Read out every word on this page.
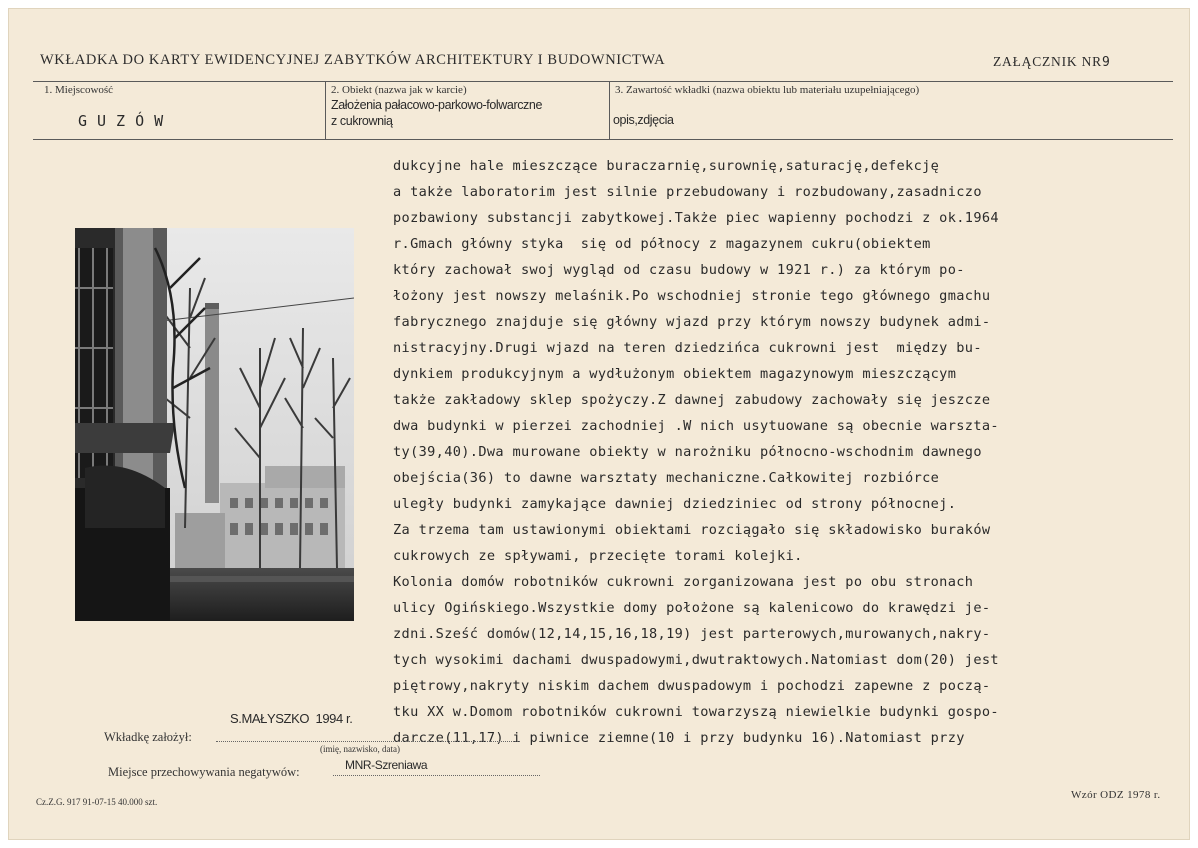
WKŁADKA DO KARTY EWIDENCYJNEJ ZABYTKÓW ARCHITEKTURY I BUDOWNICTWA	ZAŁĄCZNIK NR9
1. Miejscowość
GUZÓW
2. Obiekt (nazwa jak w karcie)
Założenia pałacowo-parkowo-folwarczne
z cukrownią
3. Zawartość wkładki (nazwa obiektu lub materiału uzupełniającego)
opis,zdjęcia
dukcyjne hale mieszczące buraczarnię,surownię,saturację,defekcję
a także laboratorim jest silnie przebudowany i rozbudowany,zasadniczo
pozbawiony substancji zabytkowej.Także piec wapienny pochodzi z ok.1964
r.Gmach główny styka  się od północy z magazynem cukru(obiektem
który zachował swoj wygląd od czasu budowy w 1921 r.) za którym po-
łożony jest nowszy melaśnik.Po wschodniej stronie tego głównego gmachu
fabrycznego znajduje się główny wjazd przy którym nowszy budynek admi-
nistracyjny.Drugi wjazd na teren dziedzińca cukrowni jest  między bu-
dynkiem produkcyjnym a wydłużonym obiektem magazynowym mieszczącym
także zakładowy sklep spożyczy.Z dawnej zabudowy zachowały się jeszcze
dwa budynki w pierzei zachodniej .W nich usytuowane są obecnie warszta-
ty(39,40).Dwa murowane obiekty w narożniku północno-wschodnim dawnego
obejścia(36) to dawne warsztaty mechaniczne.Całkowitej rozbiórce
uległy budynki zamykające dawniej dziedziniec od strony północnej.
Za trzema tam ustawionymi obiektami rozciągało się składowisko buraków
cukrowych ze spływami, przecięte torami kolejki.
Kolonia domów robotników cukrowni zorganizowana jest po obu stronach
ulicy Ogińskiego.Wszystkie domy położone są kalenicowo do krawędzi je-
zdni.Sześć domów(12,14,15,16,18,19) jest parterowych,murowanych,nakry-
tych wysokimi dachami dwuspadowymi,dwutraktowych.Natomiast dom(20) jest
piętrowy,nakryty niskim dachem dwuspadowym i pochodzi zapewne z począ-
tku XX w.Domom robotników cukrowni towarzyszą niewielkie budynki gospo-
darcze(11,17) i piwnice ziemne(10 i przy budynku 16).Natomiast przy
Wkładkę założył:
S.MAŁYSZKO  1994 r.
(imię, nazwisko, data)
Miejsce przechowywania negatywów:	MNR-Szreniawa
Cz.Z.G. 917 91-07-15 40.000 szt.
Wzór ODZ 1978 r.
